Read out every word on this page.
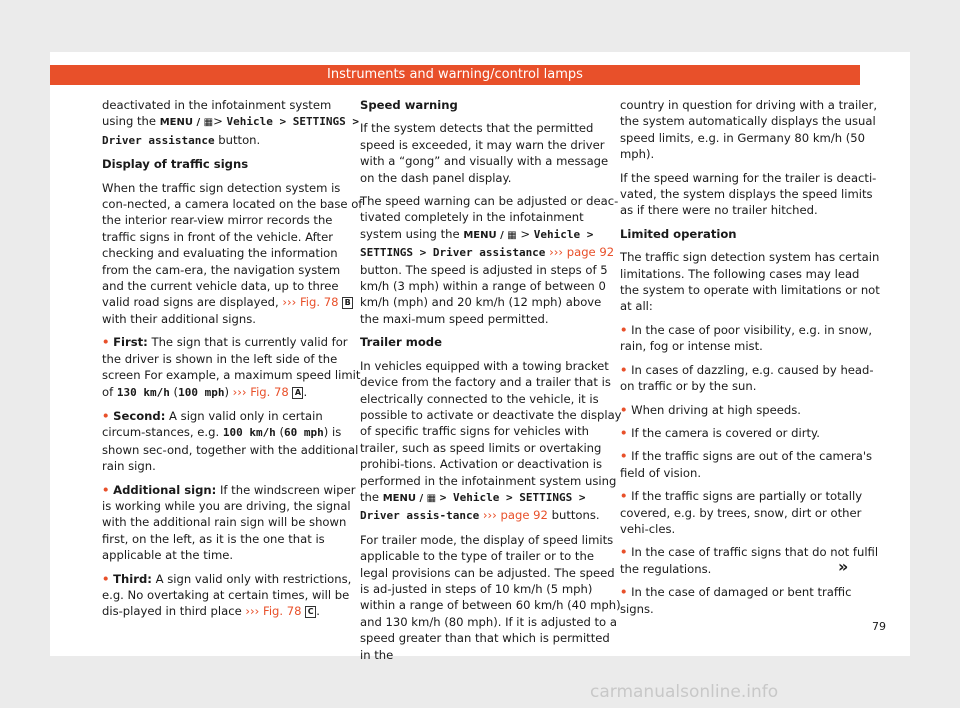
Instruments and warning/control lamps

deactivated in the infotainment system using the MENU / ▦> Vehicle > SETTINGS > Driver assistance button.

Display of traffic signs

When the traffic sign detection system is con-nected, a camera located on the base of the interior rear-view mirror records the traffic signs in front of the vehicle. After checking and evaluating the information from the cam-era, the navigation system and the current vehicle data, up to three valid road signs are displayed, ››› Fig. 78 B with their additional signs.

• First: The sign that is currently valid for the driver is shown in the left side of the screen For example, a maximum speed limit of 130 km/h (100 mph) ››› Fig. 78 A .

• Second: A sign valid only in certain circum-stances, e.g. 100 km/h (60 mph) is shown sec-ond, together with the additional rain sign.

• Additional sign: If the windscreen wiper is working while you are driving, the signal with the additional rain sign will be shown first, on the left, as it is the one that is applicable at the time.

• Third: A sign valid only with restrictions, e.g. No overtaking at certain times, will be dis-played in third place ››› Fig. 78 C .

Speed warning

If the system detects that the permitted speed is exceeded, it may warn the driver with a “gong” and visually with a message on the dash panel display.

The speed warning can be adjusted or deac-tivated completely in the infotainment system using the MENU / ▦ > Vehicle > SETTINGS > Driver assistance ››› page 92 button. The speed is adjusted in steps of 5 km/h (3 mph) within a range of between 0 km/h (mph) and 20 km/h (12 mph) above the maxi-mum speed permitted.

Trailer mode

In vehicles equipped with a towing bracket device from the factory and a trailer that is electrically connected to the vehicle, it is possible to activate or deactivate the display of specific traffic signs for vehicles with trailer, such as speed limits or overtaking prohibi-tions. Activation or deactivation is performed in the infotainment system using the MENU / ▦ > Vehicle > SETTINGS > Driver assis-tance ››› page 92 buttons.

For trailer mode, the display of speed limits applicable to the type of trailer or to the legal provisions can be adjusted. The speed is ad-justed in steps of 10 km/h (5 mph) within a range of between 60 km/h (40 mph) and 130 km/h (80 mph). If it is adjusted to a speed greater than that which is permitted in the

country in question for driving with a trailer, the system automatically displays the usual speed limits, e.g. in Germany 80 km/h (50 mph).

If the speed warning for the trailer is deacti-vated, the system displays the speed limits as if there were no trailer hitched.

Limited operation

The traffic sign detection system has certain limitations. The following cases may lead the system to operate with limitations or not at all:

• In the case of poor visibility, e.g. in snow, rain, fog or intense mist.

• In cases of dazzling, e.g. caused by head-on traffic or by the sun.

• When driving at high speeds.

• If the camera is covered or dirty.

• If the traffic signs are out of the camera's field of vision.

• If the traffic signs are partially or totally covered, e.g. by trees, snow, dirt or other vehi-cles.

• In the case of traffic signs that do not fulfil the regulations.

• In the case of damaged or bent traffic signs.

»
79
carmanualsonline.info
